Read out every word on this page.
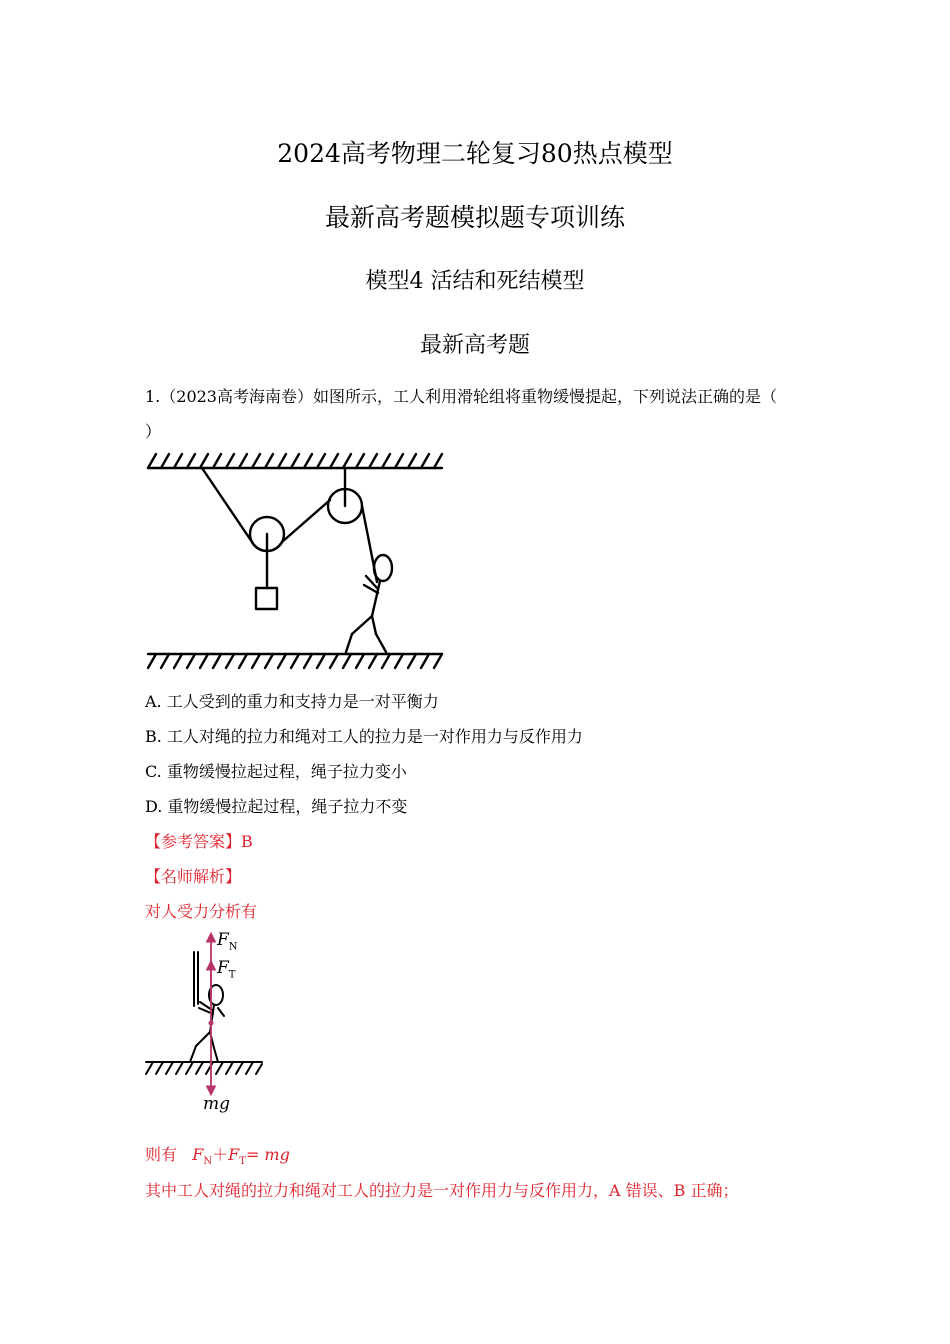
2024高考物理二轮复习80热点模型
最新高考题模拟题专项训练
模型4 活结和死结模型
最新高考题
1.（2023高考海南卷）如图所示，工人利用滑轮组将重物缓慢提起，下列说法正确的是（
）
A. 工人受到的重力和支持力是一对平衡力
B. 工人对绳的拉力和绳对工人的拉力是一对作用力与反作用力
C. 重物缓慢拉起过程，绳子拉力变小
D. 重物缓慢拉起过程，绳子拉力不变
【参考答案】B
【名师解析】
对人受力分析有
$F_N$
$F_T$
mg
则有 $F_N+F_T=$ mg
其中工人对绳的拉力和绳对工人的拉力是一对作用力与反作用力，A 错误、B 正确；
